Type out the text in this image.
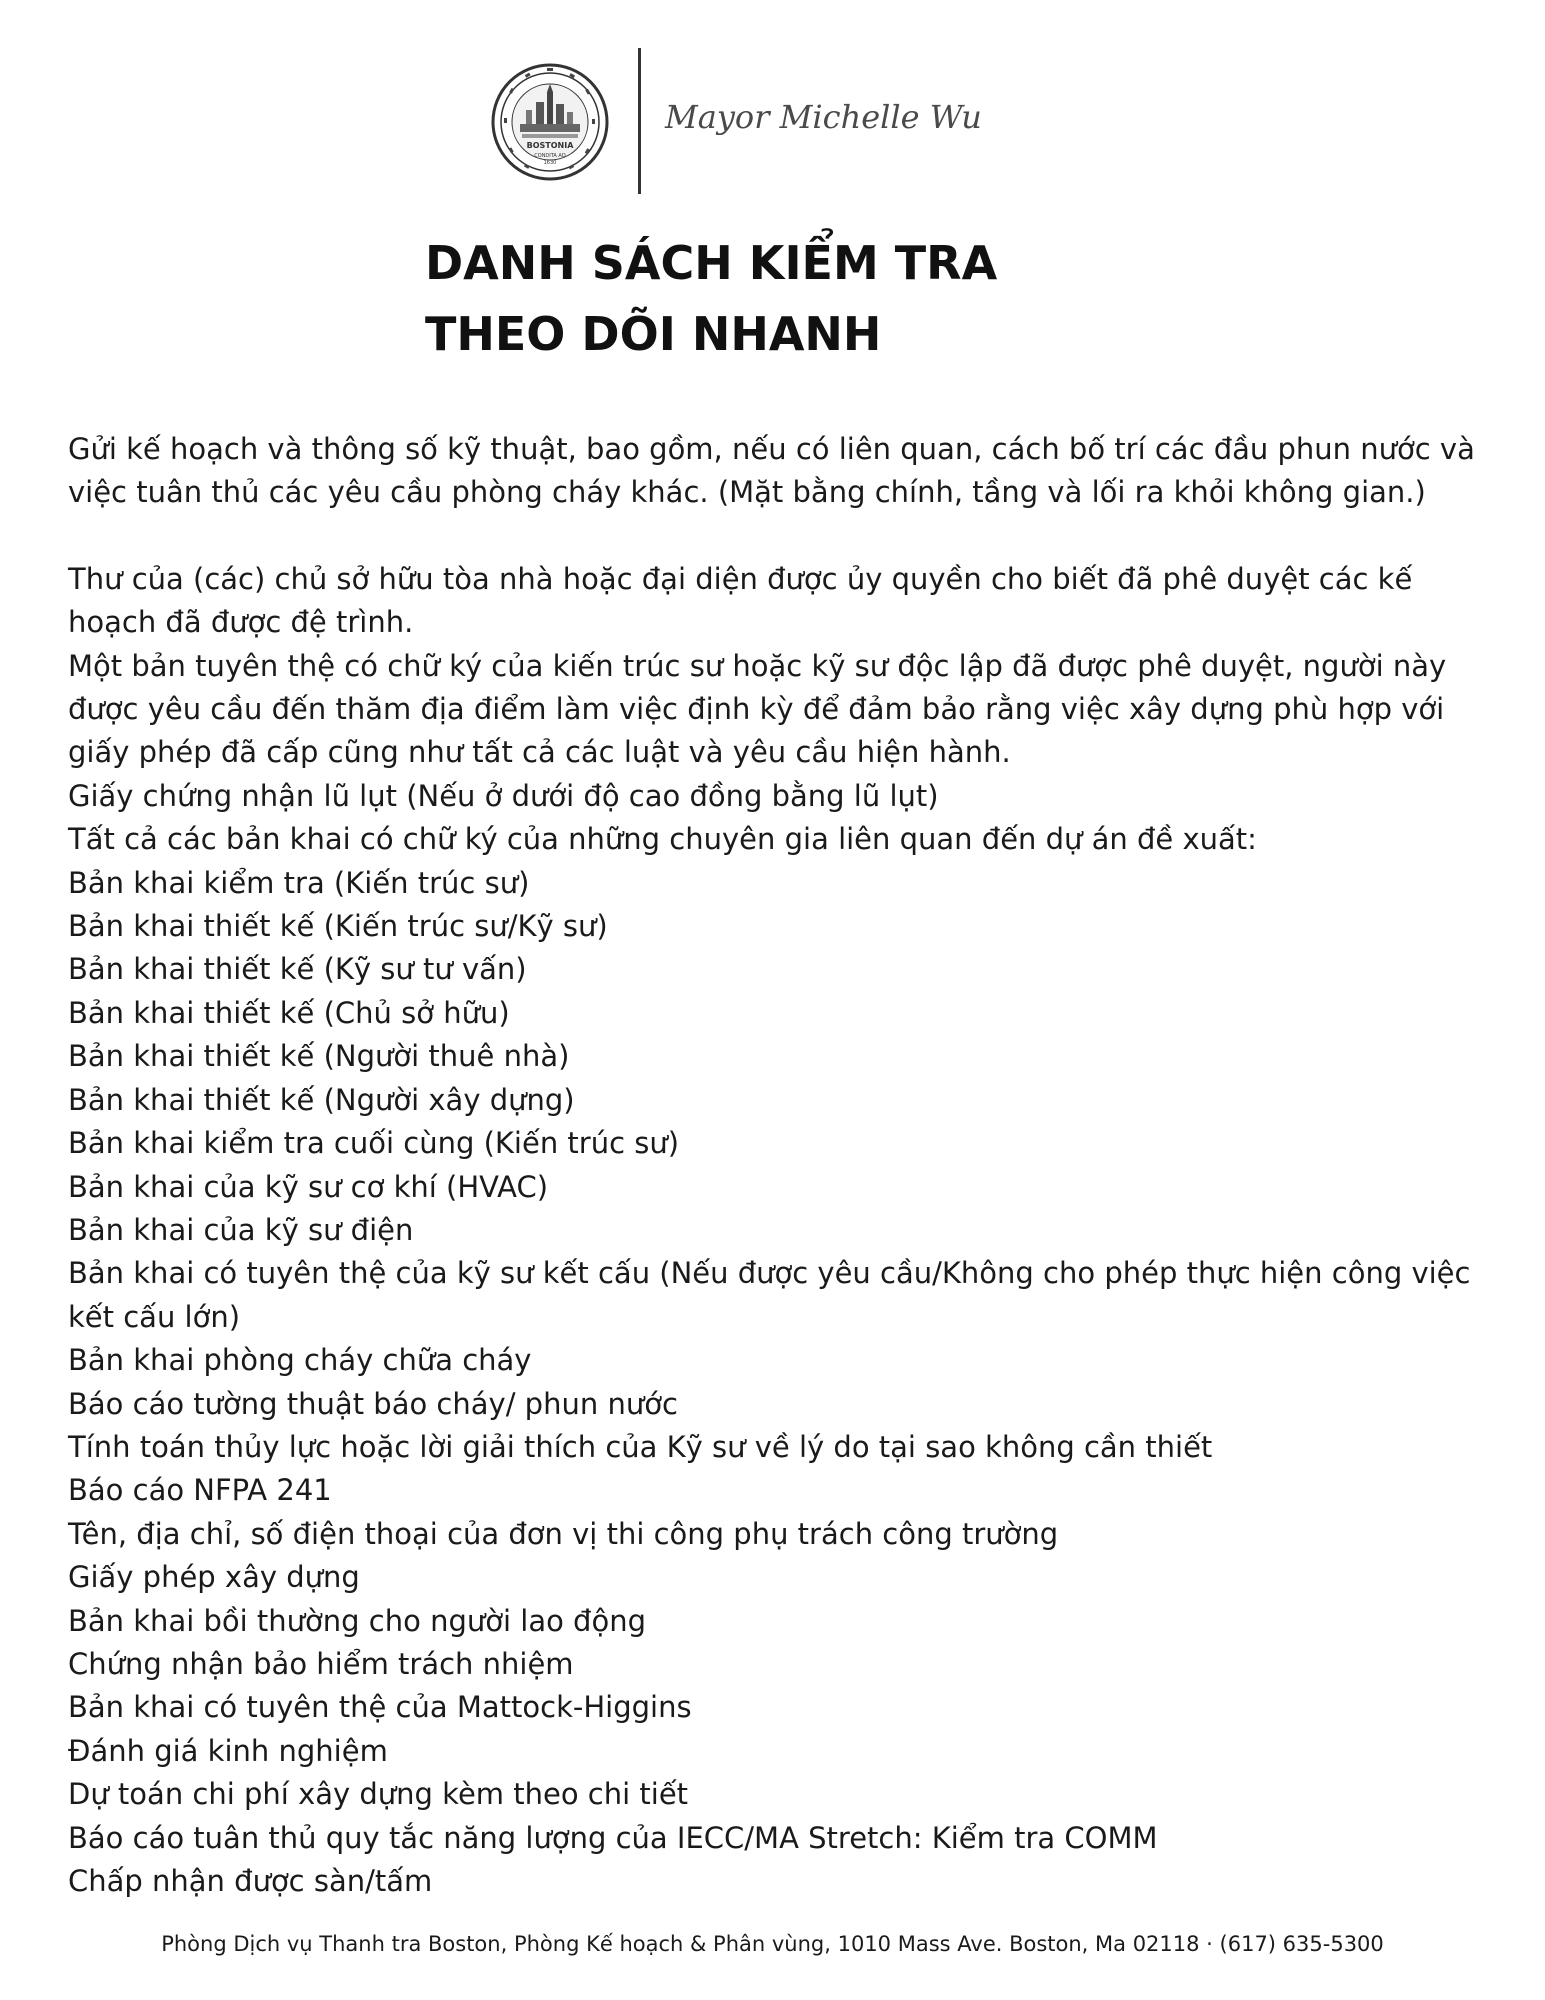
BOSTONIA
CONDITA AD
1630
Mayor Michelle Wu
DANH SÁCH KIỂM TRA
THEO DÕI NHANH

Gửi kế hoạch và thông số kỹ thuật, bao gồm, nếu có liên quan, cách bố trí các đầu phun nước và việc tuân thủ các yêu cầu phòng cháy khác. (Mặt bằng chính, tầng và lối ra khỏi không gian.)

Thư của (các) chủ sở hữu tòa nhà hoặc đại diện được ủy quyền cho biết đã phê duyệt các kế hoạch đã được đệ trình.

Một bản tuyên thệ có chữ ký của kiến trúc sư hoặc kỹ sư độc lập đã được phê duyệt, người này được yêu cầu đến thăm địa điểm làm việc định kỳ để đảm bảo rằng việc xây dựng phù hợp với giấy phép đã cấp cũng như tất cả các luật và yêu cầu hiện hành.

Giấy chứng nhận lũ lụt (Nếu ở dưới độ cao đồng bằng lũ lụt)

Tất cả các bản khai có chữ ký của những chuyên gia liên quan đến dự án đề xuất:

Bản khai kiểm tra (Kiến trúc sư)

Bản khai thiết kế (Kiến trúc sư/Kỹ sư)

Bản khai thiết kế (Kỹ sư tư vấn)

Bản khai thiết kế (Chủ sở hữu)

Bản khai thiết kế (Người thuê nhà)

Bản khai thiết kế (Người xây dựng)

Bản khai kiểm tra cuối cùng (Kiến trúc sư)

Bản khai của kỹ sư cơ khí (HVAC)

Bản khai của kỹ sư điện

Bản khai có tuyên thệ của kỹ sư kết cấu (Nếu được yêu cầu/Không cho phép thực hiện công việc kết cấu lớn)

Bản khai phòng cháy chữa cháy

Báo cáo tường thuật báo cháy/ phun nước

Tính toán thủy lực hoặc lời giải thích của Kỹ sư về lý do tại sao không cần thiết

Báo cáo NFPA 241

Tên, địa chỉ, số điện thoại của đơn vị thi công phụ trách công trường

Giấy phép xây dựng

Bản khai bồi thường cho người lao động

Chứng nhận bảo hiểm trách nhiệm

Bản khai có tuyên thệ của Mattock-Higgins

Đánh giá kinh nghiệm

Dự toán chi phí xây dựng kèm theo chi tiết

Báo cáo tuân thủ quy tắc năng lượng của IECC/MA Stretch: Kiểm tra COMM

Chấp nhận được sàn/tấm

Phòng Dịch vụ Thanh tra Boston, Phòng Kế hoạch & Phân vùng, 1010 Mass Ave. Boston, Ma 02118 · (617) 635-5300
